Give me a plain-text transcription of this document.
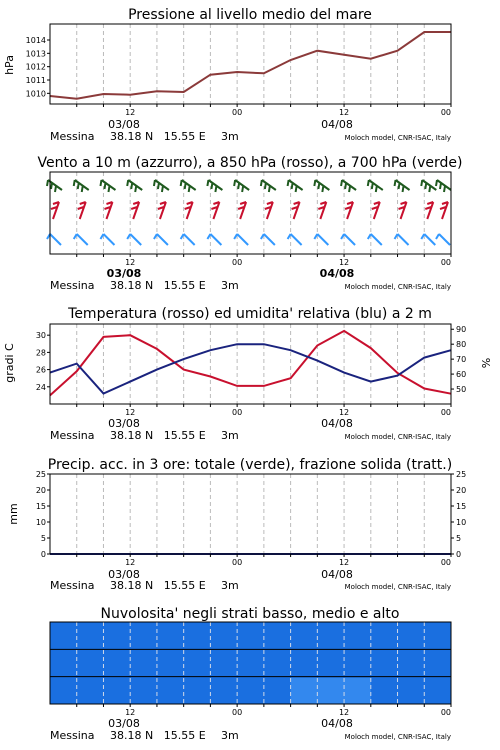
Pressione al livello medio del mare
hPa
12	00	12	00
1010
1011
1012
1013
1014
03/08	04/08
Messina 38.18 N   15.55 E 3m	Moloch model, CNR-ISAC, Italy
Vento a 10 m (azzurro), a 850 hPa (rosso), a 700 hPa (verde)
12	00	12	00
03/08	04/08
Messina 38.18 N   15.55 E 3m	Moloch model, CNR-ISAC, Italy
Temperatura (rosso) ed umidita' relativa (blu) a 2 m
gradi C	%
12	00	12	00
24
26
28
30
50
60
70
80
90
03/08	04/08
Messina 38.18 N   15.55 E 3m	Moloch model, CNR-ISAC, Italy
Precip. acc. in 3 ore: totale (verde), frazione solida (tratt.)
mm
12	00	12	00
0
5
10
15
20
25
0
5
10
15
20
25
03/08	04/08
Messina 38.18 N   15.55 E 3m	Moloch model, CNR-ISAC, Italy
Nuvolosita' negli strati basso, medio e alto
12	00	12	00
03/08	04/08
Messina 38.18 N   15.55 E 3m	Moloch model, CNR-ISAC, Italy
